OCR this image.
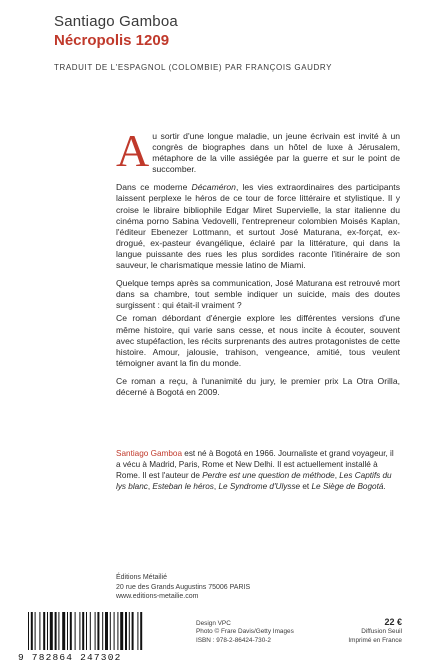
Santiago Gamboa
Nécropolis 1209
TRADUIT DE L'ESPAGNOL (COLOMBIE) PAR FRANÇOIS GAUDRY

Au sortir d'une longue maladie, un jeune écrivain est invité à un congrès de biographes dans un hôtel de luxe à Jérusalem, métaphore de la ville assiégée par la guerre et sur le point de succomber.

Dans ce moderne Décaméron, les vies extraordinaires des participants laissent perplexe le héros de ce tour de force littéraire et stylistique. Il y croise le libraire bibliophile Edgar Miret Supervielle, la star italienne du cinéma porno Sabina Vedovelli, l'entrepreneur colombien Moisés Kaplan, l'éditeur Ebenezer Lottmann, et surtout José Maturana, ex-forçat, ex-drogué, ex-pasteur évangélique, éclairé par la littérature, qui dans la langue puissante des rues les plus sordides raconte l'itinéraire de son sauveur, le charismatique messie latino de Miami.

Quelque temps après sa communication, José Maturana est retrouvé mort dans sa chambre, tout semble indiquer un suicide, mais des doutes surgissent : qui était-il vraiment ?

Ce roman débordant d'énergie explore les différentes versions d'une même histoire, qui varie sans cesse, et nous incite à écouter, souvent avec stupéfaction, les récits surprenants des autres protagonistes de cette histoire. Amour, jalousie, trahison, vengeance, amitié, tous veulent témoigner avant la fin du monde.

Ce roman a reçu, à l'unanimité du jury, le premier prix La Otra Orilla, décerné à Bogotá en 2009.

Santiago Gamboa est né à Bogotá en 1966. Journaliste et grand voyageur, il a vécu à Madrid, Paris, Rome et New Delhi. Il est actuellement installé à Rome. Il est l'auteur de Perdre est une question de méthode, Les Captifs du lys blanc, Esteban le héros, Le Syndrome d'Ulysse et Le Siège de Bogotá.
Éditions Métailié
20 rue des Grands Augustins 75006 PARIS
www.editions-metailie.com
9 782864 247302
Design VPC
Photo © Frare Davis/Getty Images
ISBN : 978-2-86424-730-2
22 €
Diffusion Seuil
Imprimé en France
